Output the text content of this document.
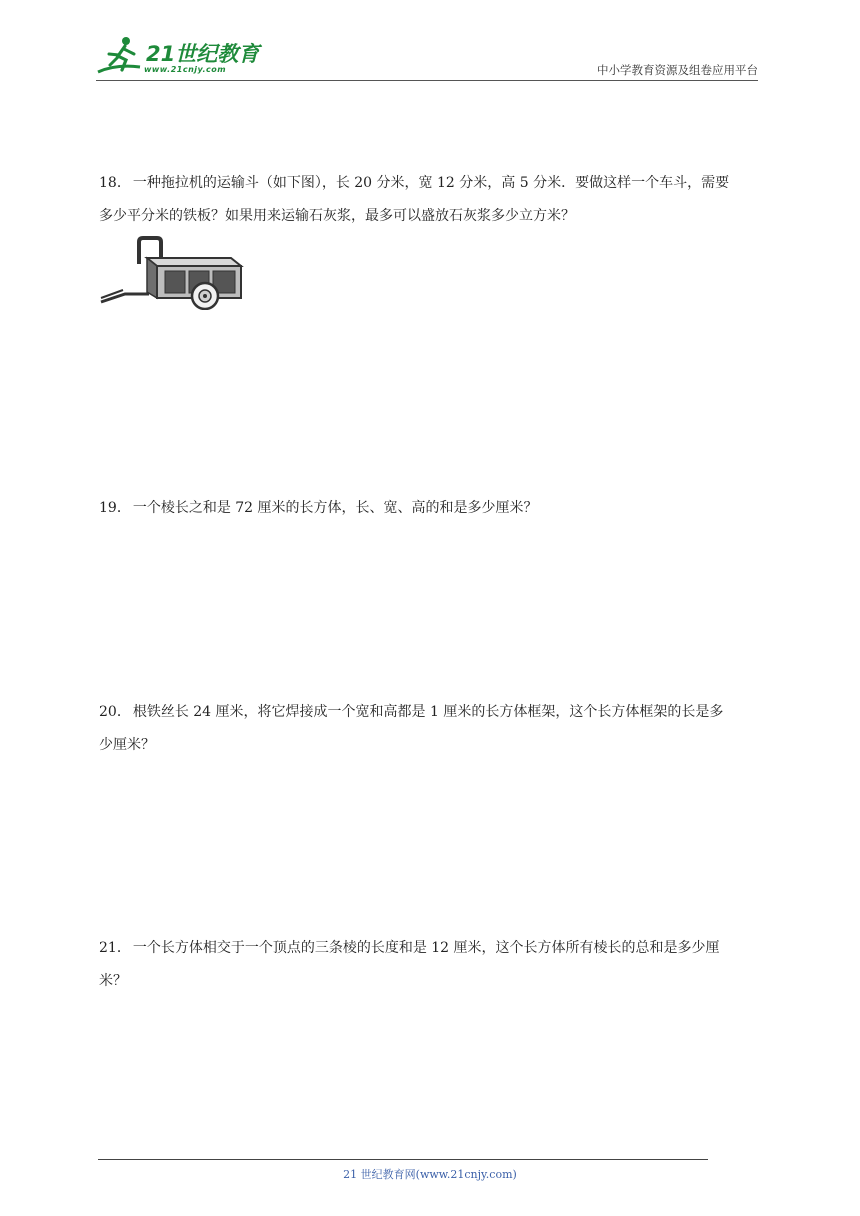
21世纪教育
www.21cnjy.com	中小学教育资源及组卷应用平台
18． 一种拖拉机的运输斗（如下图），长 20 分米，宽 12 分米，高 5 分米．要做这样一个车斗，需要
多少平分米的铁板？如果用来运输石灰浆，最多可以盛放石灰浆多少立方米？
19． 一个棱长之和是 72 厘米的长方体，长、宽、高的和是多少厘米？
20． 根铁丝长 24 厘米，将它焊接成一个宽和高都是 1 厘米的长方体框架，这个长方体框架的长是多
少厘米？
21． 一个长方体相交于一个顶点的三条棱的长度和是 12 厘米，这个长方体所有棱长的总和是多少厘
米？
21 世纪教育网(www.21cnjy.com)
